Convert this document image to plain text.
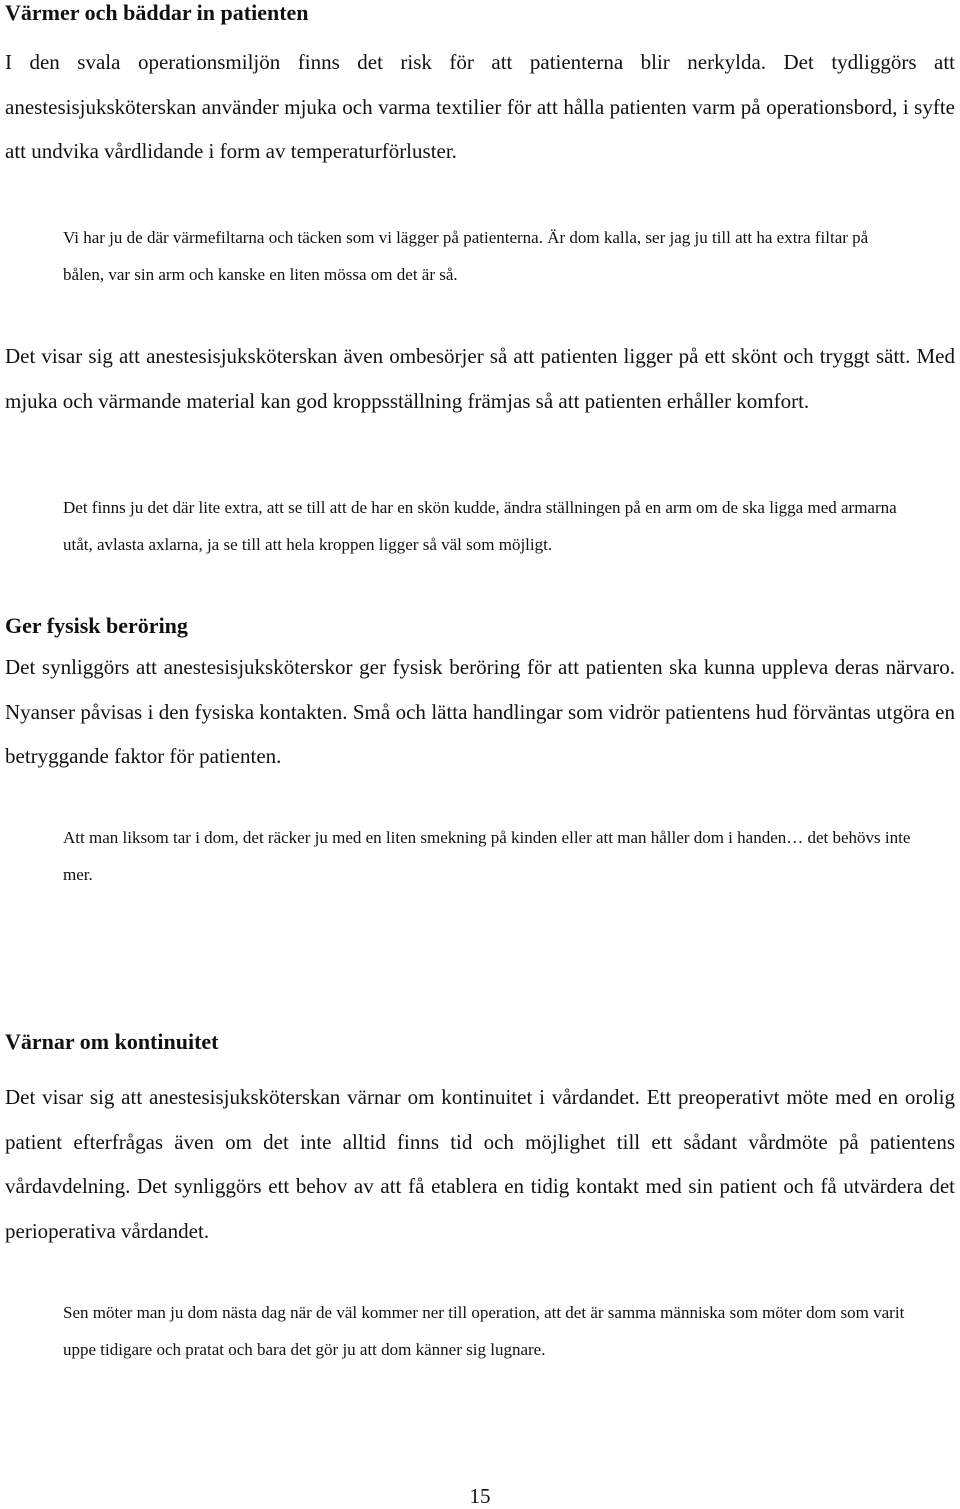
Värmer och bäddar in patienten

I den svala operationsmiljön finns det risk för att patienterna blir nerkylda. Det tydliggörs att anestesisjuksköterskan använder mjuka och varma textilier för att hålla patienten varm på operationsbord, i syfte att undvika vårdlidande i form av temperaturförluster.

Vi har ju de där värmefiltarna och täcken som vi lägger på patienterna. Är dom kalla, ser jag ju till att ha extra filtar på bålen, var sin arm och kanske en liten mössa om det är så.

Det visar sig att anestesisjuksköterskan även ombesörjer så att patienten ligger på ett skönt och tryggt sätt. Med mjuka och värmande material kan god kroppsställning främjas så att patienten erhåller komfort.

Det finns ju det där lite extra, att se till att de har en skön kudde, ändra ställningen på en arm om de ska ligga med armarna utåt, avlasta axlarna, ja se till att hela kroppen ligger så väl som möjligt.

Ger fysisk beröring

Det synliggörs att anestesisjuksköterskor ger fysisk beröring för att patienten ska kunna uppleva deras närvaro. Nyanser påvisas i den fysiska kontakten. Små och lätta handlingar som vidrör patientens hud förväntas utgöra en betryggande faktor för patienten.

Att man liksom tar i dom, det räcker ju med en liten smekning på kinden eller att man håller dom i handen… det behövs inte mer.

Värnar om kontinuitet

Det visar sig att anestesisjuksköterskan värnar om kontinuitet i vårdandet. Ett preoperativt möte med en orolig patient efterfrågas även om det inte alltid finns tid och möjlighet till ett sådant vårdmöte på patientens vårdavdelning. Det synliggörs ett behov av att få etablera en tidig kontakt med sin patient och få utvärdera det perioperativa vårdandet.

Sen möter man ju dom nästa dag när de väl kommer ner till operation, att det är samma människa som möter dom som varit uppe tidigare och pratat och bara det gör ju att dom känner sig lugnare.

15
